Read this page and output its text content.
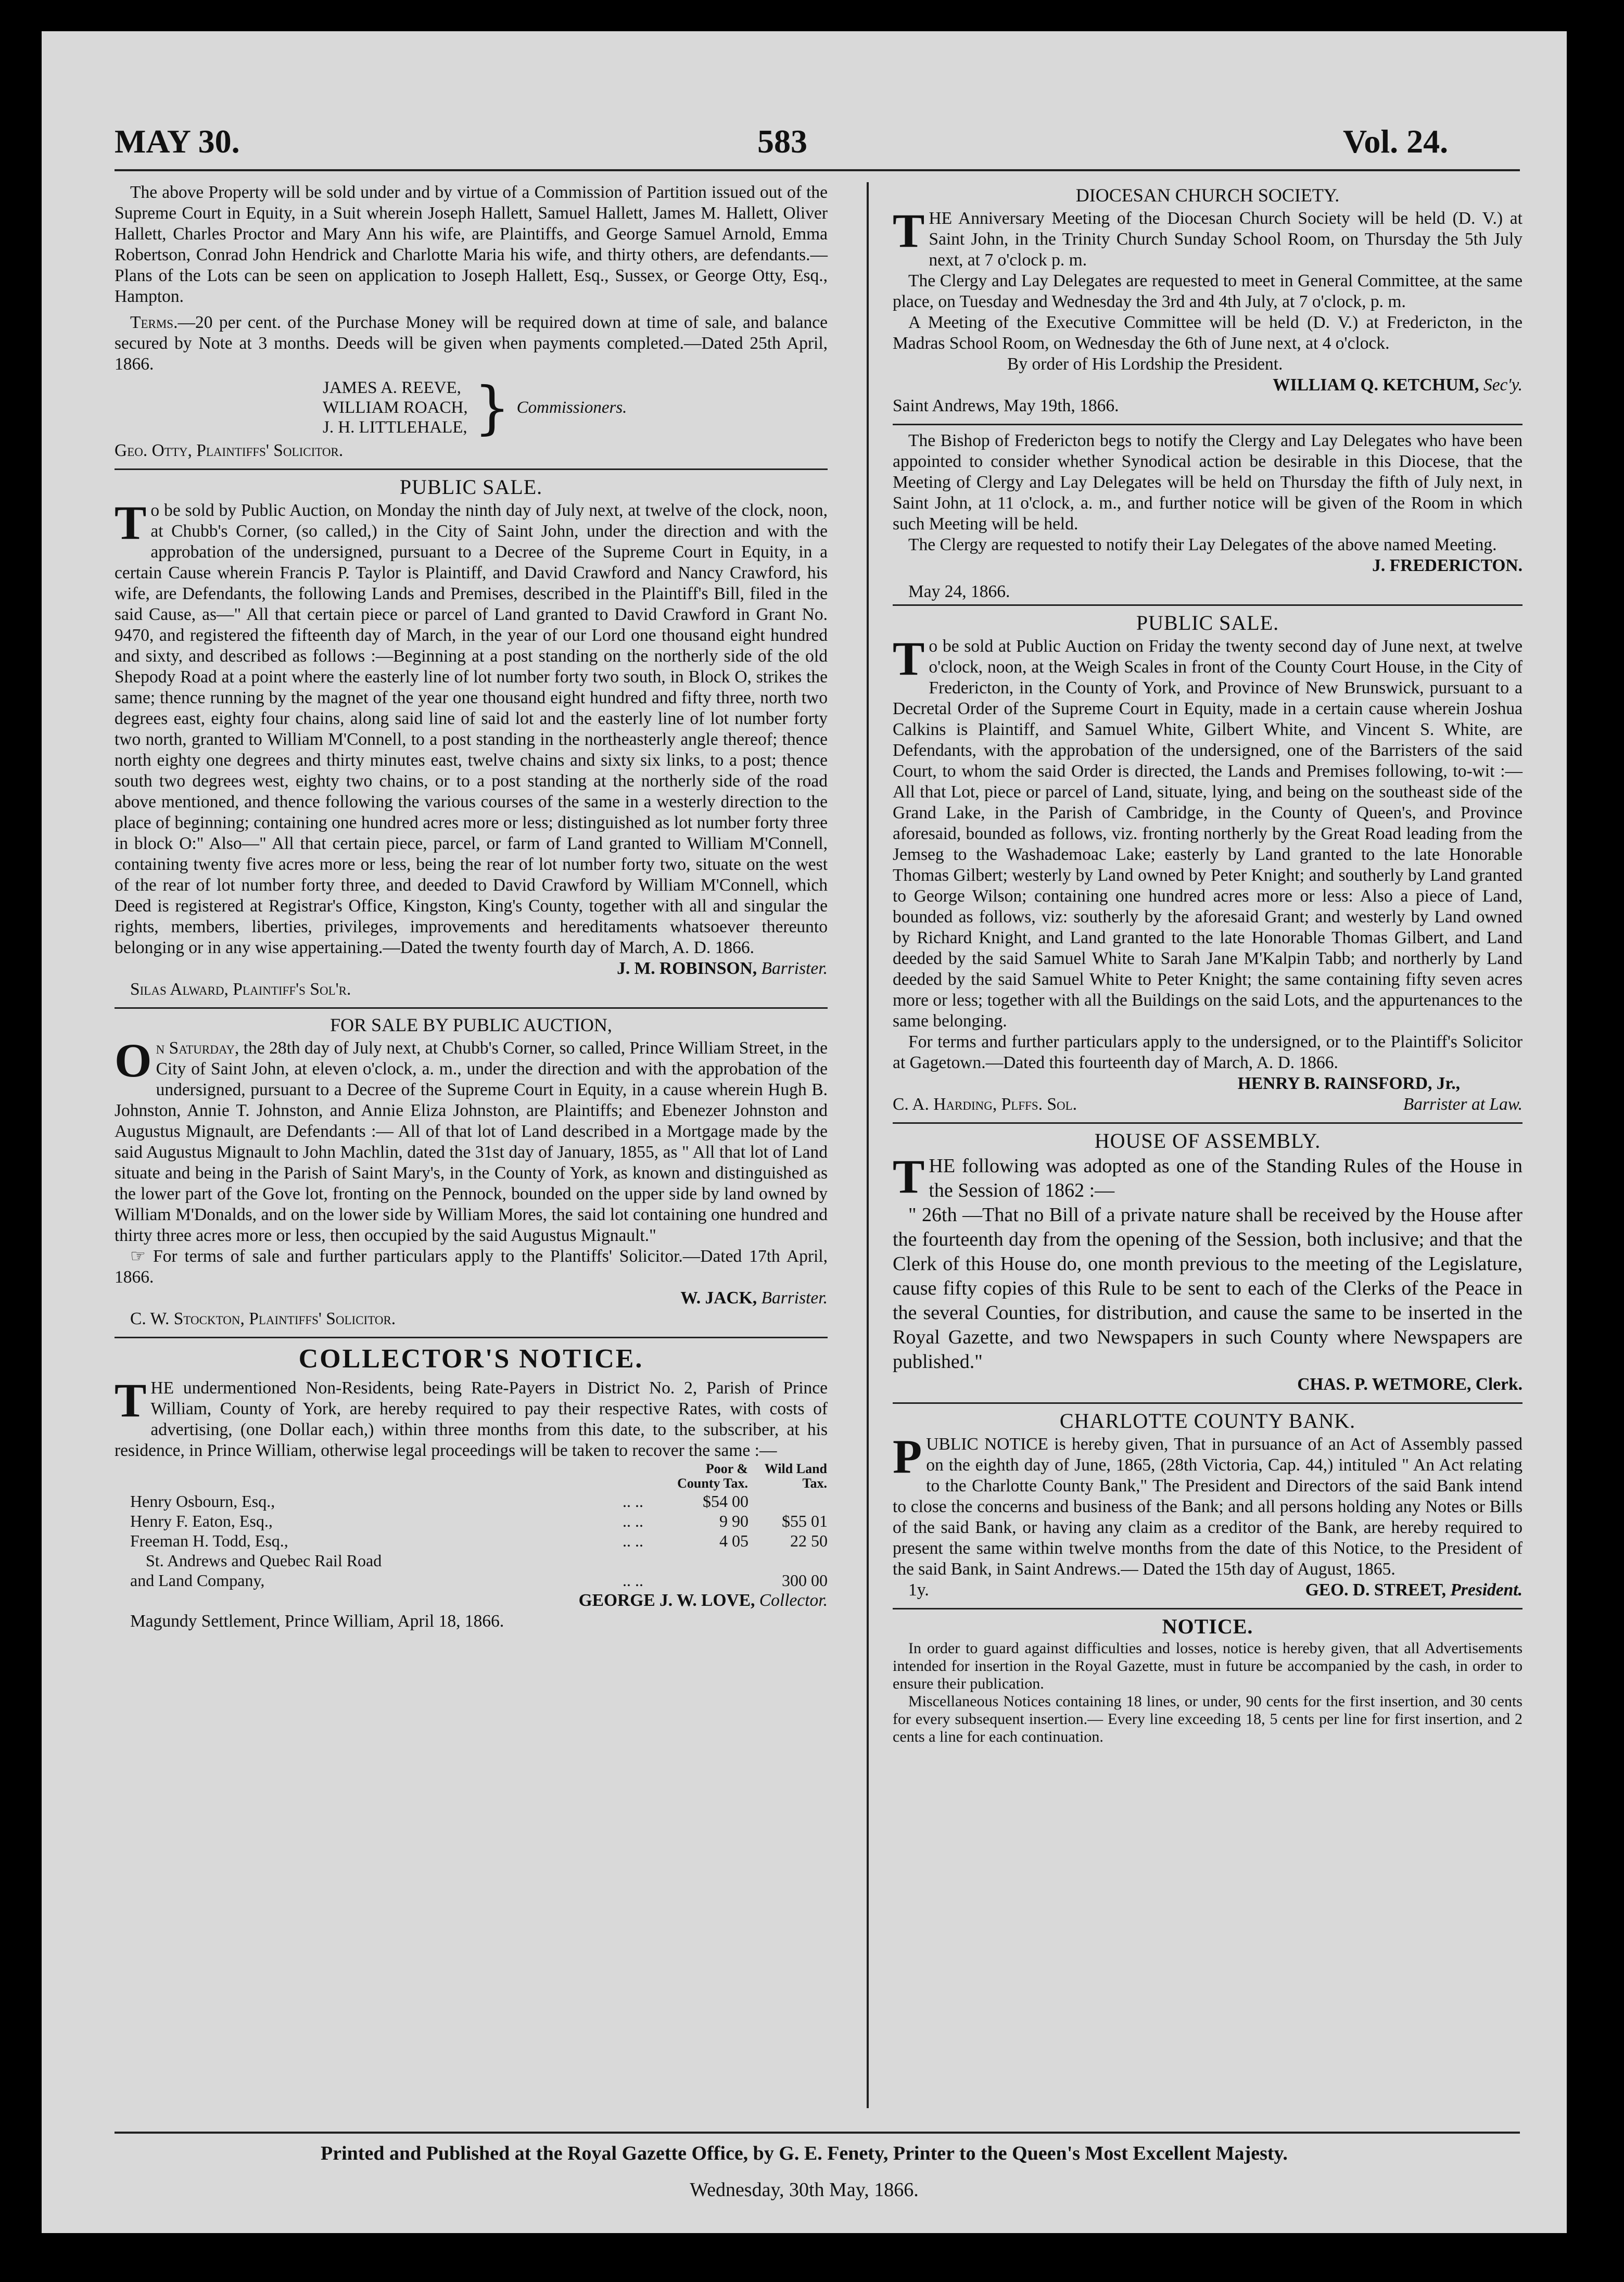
MAY 30.	583	Vol. 24.

The above Property will be sold under and by virtue of a Commission of Partition issued out of the Supreme Court in Equity, in a Suit wherein Joseph Hallett, Samuel Hallett, James M. Hallett, Oliver Hallett, Charles Proctor and Mary Ann his wife, are Plaintiffs, and George Samuel Arnold, Emma Robertson, Conrad John Hendrick and Charlotte Maria his wife, and thirty others, are defendants.—Plans of the Lots can be seen on application to Joseph Hallett, Esq., Sussex, or George Otty, Esq., Hampton.

Terms.—20 per cent. of the Purchase Money will be required down at time of sale, and balance secured by Note at 3 months. Deeds will be given when payments completed.—Dated 25th April, 1866.

JAMES A. REEVE,
WILLIAM ROACH,
J. H. LITTLEHALE, } Commissioners.

Geo. Otty, Plaintiffs' Solicitor.

PUBLIC SALE.

To be sold by Public Auction, on Monday the ninth day of July next, at twelve of the clock, noon, at Chubb's Corner, (so called,) in the City of Saint John, under the direction and with the approbation of the undersigned, pursuant to a Decree of the Supreme Court in Equity, in a certain Cause wherein Francis P. Taylor is Plaintiff, and David Crawford and Nancy Crawford, his wife, are Defendants, the following Lands and Premises, described in the Plaintiff's Bill, filed in the said Cause, as—" All that certain piece or parcel of Land granted to David Crawford in Grant No. 9470, and registered the fifteenth day of March, in the year of our Lord one thousand eight hundred and sixty, and described as follows :—Beginning at a post standing on the northerly side of the old Shepody Road at a point where the easterly line of lot number forty two south, in Block O, strikes the same; thence running by the magnet of the year one thousand eight hundred and fifty three, north two degrees east, eighty four chains, along said line of said lot and the easterly line of lot number forty two north, granted to William M'Connell, to a post standing in the northeasterly angle thereof; thence north eighty one degrees and thirty minutes east, twelve chains and sixty six links, to a post; thence south two degrees west, eighty two chains, or to a post standing at the northerly side of the road above mentioned, and thence following the various courses of the same in a westerly direction to the place of beginning; containing one hundred acres more or less; distinguished as lot number forty three in block O:" Also—" All that certain piece, parcel, or farm of Land granted to William M'Connell, containing twenty five acres more or less, being the rear of lot number forty two, situate on the west of the rear of lot number forty three, and deeded to David Crawford by William M'Connell, which Deed is registered at Registrar's Office, Kingston, King's County, together with all and singular the rights, members, liberties, privileges, improvements and hereditaments whatsoever thereunto belonging or in any wise appertaining.—Dated the twenty fourth day of March, A. D. 1866.

J. M. ROBINSON, Barrister.

Silas Alward, Plaintiff's Sol'r.

FOR SALE BY PUBLIC AUCTION,

On Saturday, the 28th day of July next, at Chubb's Corner, so called, Prince William Street, in the City of Saint John, at eleven o'clock, a. m., under the direction and with the approbation of the undersigned, pursuant to a Decree of the Supreme Court in Equity, in a cause wherein Hugh B. Johnston, Annie T. Johnston, and Annie Eliza Johnston, are Plaintiffs; and Ebenezer Johnston and Augustus Mignault, are Defendants :— All of that lot of Land described in a Mortgage made by the said Augustus Mignault to John Machlin, dated the 31st day of January, 1855, as " All that lot of Land situate and being in the Parish of Saint Mary's, in the County of York, as known and distinguished as the lower part of the Gove lot, fronting on the Pennock, bounded on the upper side by land owned by William M'Donalds, and on the lower side by William Mores, the said lot containing one hundred and thirty three acres more or less, then occupied by the said Augustus Mignault."

☞ For terms of sale and further particulars apply to the Plantiffs' Solicitor.—Dated 17th April, 1866.

W. JACK, Barrister.

C. W. Stockton, Plaintiffs' Solicitor.

COLLECTOR'S NOTICE.

THE undermentioned Non-Residents, being Rate-Payers in District No. 2, Parish of Prince William, County of York, are hereby required to pay their respective Rates, with costs of advertising, (one Dollar each,) within three months from this date, to the subscriber, at his residence, in Prince William, otherwise legal proceedings will be taken to recover the same :—

		Poor & County Tax.	Wild Land Tax.
Henry Osbourn, Esq.,	.. ..	$54 00	
Henry F. Eaton, Esq.,	.. ..	9 90	$55 01
Freeman H. Todd, Esq.,	.. ..	4 05	22 50
St. Andrews and Quebec Rail Road			
and Land Company,	.. ..		300 00

GEORGE J. W. LOVE, Collector.

Magundy Settlement, Prince William, April 18, 1866.

DIOCESAN CHURCH SOCIETY.

THE Anniversary Meeting of the Diocesan Church Society will be held (D. V.) at Saint John, in the Trinity Church Sunday School Room, on Thursday the 5th July next, at 7 o'clock p. m.

The Clergy and Lay Delegates are requested to meet in General Committee, at the same place, on Tuesday and Wednesday the 3rd and 4th July, at 7 o'clock, p. m.

A Meeting of the Executive Committee will be held (D. V.) at Fredericton, in the Madras School Room, on Wednesday the 6th of June next, at 4 o'clock.

By order of His Lordship the President.

WILLIAM Q. KETCHUM, Sec'y.

Saint Andrews, May 19th, 1866.

The Bishop of Fredericton begs to notify the Clergy and Lay Delegates who have been appointed to consider whether Synodical action be desirable in this Diocese, that the Meeting of Clergy and Lay Delegates will be held on Thursday the fifth of July next, in Saint John, at 11 o'clock, a. m., and further notice will be given of the Room in which such Meeting will be held.

The Clergy are requested to notify their Lay Delegates of the above named Meeting.

J. FREDERICTON.

May 24, 1866.

PUBLIC SALE.

To be sold at Public Auction on Friday the twenty second day of June next, at twelve o'clock, noon, at the Weigh Scales in front of the County Court House, in the City of Fredericton, in the County of York, and Province of New Brunswick, pursuant to a Decretal Order of the Supreme Court in Equity, made in a certain cause wherein Joshua Calkins is Plaintiff, and Samuel White, Gilbert White, and Vincent S. White, are Defendants, with the approbation of the undersigned, one of the Barristers of the said Court, to whom the said Order is directed, the Lands and Premises following, to-wit :—All that Lot, piece or parcel of Land, situate, lying, and being on the southeast side of the Grand Lake, in the Parish of Cambridge, in the County of Queen's, and Province aforesaid, bounded as follows, viz. fronting northerly by the Great Road leading from the Jemseg to the Washademoac Lake; easterly by Land granted to the late Honorable Thomas Gilbert; westerly by Land owned by Peter Knight; and southerly by Land granted to George Wilson; containing one hundred acres more or less: Also a piece of Land, bounded as follows, viz: southerly by the aforesaid Grant; and westerly by Land owned by Richard Knight, and Land granted to the late Honorable Thomas Gilbert, and Land deeded by the said Samuel White to Sarah Jane M'Kalpin Tabb; and northerly by Land deeded by the said Samuel White to Peter Knight; the same containing fifty seven acres more or less; together with all the Buildings on the said Lots, and the appurtenances to the same belonging.

For terms and further particulars apply to the undersigned, or to the Plaintiff's Solicitor at Gagetown.—Dated this fourteenth day of March, A. D. 1866.

HENRY B. RAINSFORD, Jr.,

C. A. Harding, Plffs. Sol.	Barrister at Law.

HOUSE OF ASSEMBLY.

THE following was adopted as one of the Standing Rules of the House in the Session of 1862 :—

" 26th —That no Bill of a private nature shall be received by the House after the fourteenth day from the opening of the Session, both inclusive; and that the Clerk of this House do, one month previous to the meeting of the Legislature, cause fifty copies of this Rule to be sent to each of the Clerks of the Peace in the several Counties, for distribution, and cause the same to be inserted in the Royal Gazette, and two Newspapers in such County where Newspapers are published."

CHAS. P. WETMORE, Clerk.

CHARLOTTE COUNTY BANK.

PUBLIC NOTICE is hereby given, That in pursuance of an Act of Assembly passed on the eighth day of June, 1865, (28th Victoria, Cap. 44,) intituled " An Act relating to the Charlotte County Bank," The President and Directors of the said Bank intend to close the concerns and business of the Bank; and all persons holding any Notes or Bills of the said Bank, or having any claim as a creditor of the Bank, are hereby required to present the same within twelve months from the date of this Notice, to the President of the said Bank, in Saint Andrews.— Dated the 15th day of August, 1865.

1y.	GEO. D. STREET, President.

NOTICE.

In order to guard against difficulties and losses, notice is hereby given, that all Advertisements intended for insertion in the Royal Gazette, must in future be accompanied by the cash, in order to ensure their publication.

Miscellaneous Notices containing 18 lines, or under, 90 cents for the first insertion, and 30 cents for every subsequent insertion.— Every line exceeding 18, 5 cents per line for first insertion, and 2 cents a line for each continuation.

Printed and Published at the Royal Gazette Office, by G. E. Fenety, Printer to the Queen's Most Excellent Majesty.
Wednesday, 30th May, 1866.
